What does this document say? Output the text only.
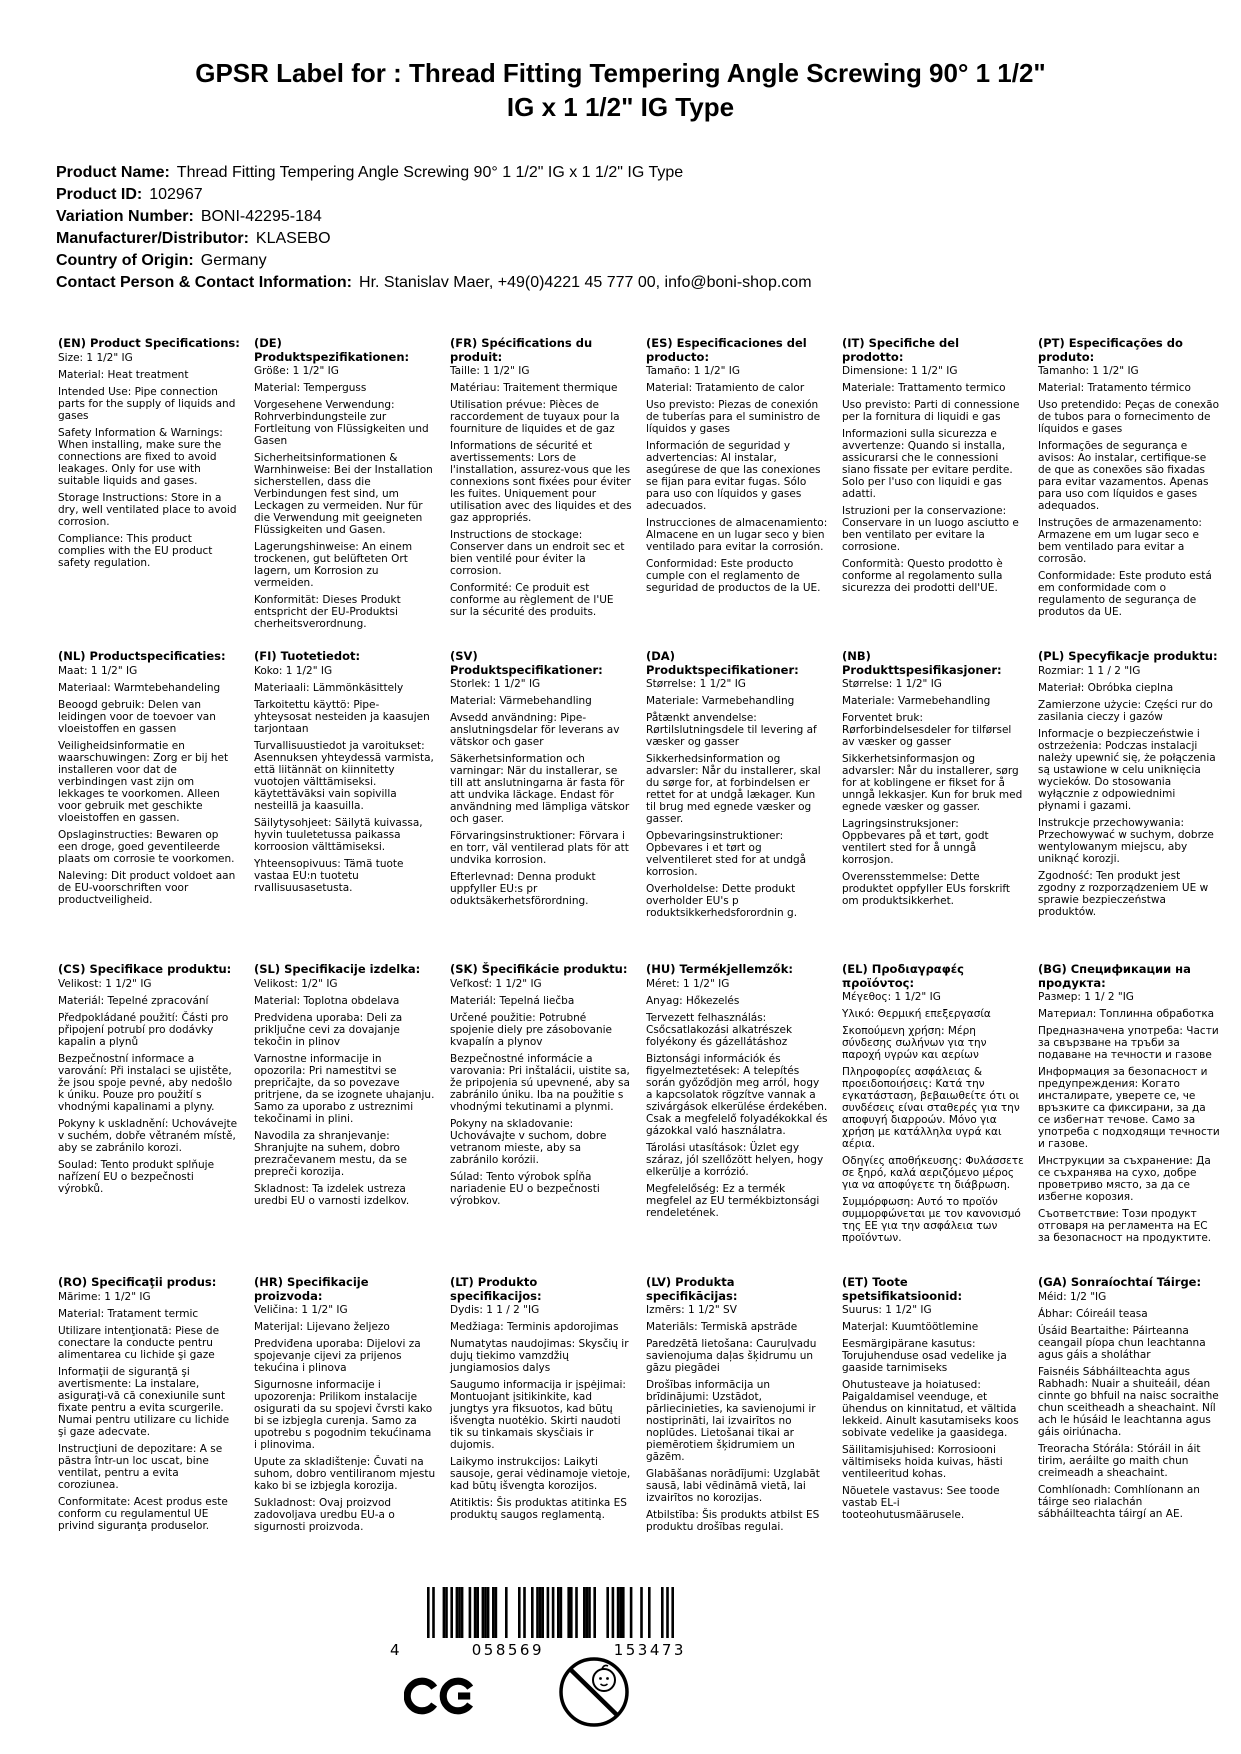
GPSR Label for : Thread Fitting Tempering Angle Screwing 90° 1 1/2"
IG x 1 1/2" IG Type
Product Name: Thread Fitting Tempering Angle Screwing 90° 1 1/2" IG x 1 1/2" IG Type
Product ID: 102967
Variation Number: BONI-42295-184
Manufacturer/Distributor: KLASEBO
Country of Origin: Germany
Contact Person & Contact Information: Hr. Stanislav Maer, +49(0)4221 45 777 00, info@boni-shop.com
(EN) Product Specifications:

Size: 1 1/2" IG

Material: Heat treatment

Intended Use: Pipe connection parts for the supply of liquids and gases

Safety Information & Warnings: When installing, make sure the connections are fixed to avoid leakages. Only for use with suitable liquids and gases.

Storage Instructions: Store in a dry, well ventilated place to avoid corrosion.

Compliance: This product complies with the EU product safety regulation.

(DE) Produktspezifikationen:

Größe: 1 1/2" IG

Material: Temperguss

Vorgesehene Verwendung: Rohrverbindungsteile zur Fortleitung von Flüssigkeiten und Gasen

Sicherheitsinformationen & Warnhinweise: Bei der Installation sicherstellen, dass die Verbindungen fest sind, um Leckagen zu vermeiden. Nur für die Verwendung mit geeigneten Flüssigkeiten und Gasen.

Lagerungshinweise: An einem trockenen, gut belüfteten Ort lagern, um Korrosion zu vermeiden.

Konformität: Dieses Produkt entspricht der EU-Produktsi cherheitsverordnung.

(FR) Spécifications du produit:

Taille: 1 1/2" IG

Matériau: Traitement thermique

Utilisation prévue: Pièces de raccordement de tuyaux pour la fourniture de liquides et de gaz

Informations de sécurité et avertissements: Lors de l'installation, assurez-vous que les connexions sont fixées pour éviter les fuites. Uniquement pour utilisation avec des liquides et des gaz appropriés.

Instructions de stockage: Conserver dans un endroit sec et bien ventilé pour éviter la corrosion.

Conformité: Ce produit est conforme au règlement de l'UE sur la sécurité des produits.

(ES) Especificaciones del producto:

Tamaño: 1 1/2" IG

Material: Tratamiento de calor

Uso previsto: Piezas de conexión de tuberías para el suministro de líquidos y gases

Información de seguridad y advertencias: Al instalar, asegúrese de que las conexiones se fijan para evitar fugas. Sólo para uso con líquidos y gases adecuados.

Instrucciones de almacenamiento: Almacene en un lugar seco y bien ventilado para evitar la corrosión.

Conformidad: Este producto cumple con el reglamento de seguridad de productos de la UE.

(IT) Specifiche del prodotto:

Dimensione: 1 1/2" IG

Materiale: Trattamento termico

Uso previsto: Parti di connessione per la fornitura di liquidi e gas

Informazioni sulla sicurezza e avvertenze: Quando si installa, assicurarsi che le connessioni siano fissate per evitare perdite. Solo per l'uso con liquidi e gas adatti.

Istruzioni per la conservazione: Conservare in un luogo asciutto e ben ventilato per evitare la corrosione.

Conformità: Questo prodotto è conforme al regolamento sulla sicurezza dei prodotti dell'UE.

(PT) Especificações do produto:

Tamanho: 1 1/2" IG

Material: Tratamento térmico

Uso pretendido: Peças de conexão de tubos para o fornecimento de líquidos e gases

Informações de segurança e avisos: Ao instalar, certifique-se de que as conexões são fixadas para evitar vazamentos. Apenas para uso com líquidos e gases adequados.

Instruções de armazenamento: Armazene em um lugar seco e bem ventilado para evitar a corrosão.

Conformidade: Este produto está em conformidade com o regulamento de segurança de produtos da UE.

(NL) Productspecificaties:

Maat: 1 1/2" IG

Materiaal: Warmtebehandeling

Beoogd gebruik: Delen van leidingen voor de toevoer van vloeistoffen en gassen

Veiligheidsinformatie en waarschuwingen: Zorg er bij het installeren voor dat de verbindingen vast zijn om lekkages te voorkomen. Alleen voor gebruik met geschikte vloeistoffen en gassen.

Opslaginstructies: Bewaren op een droge, goed geventileerde plaats om corrosie te voorkomen.

Naleving: Dit product voldoet aan de EU-voorschriften voor productveiligheid.

(FI) Tuotetiedot:

Koko: 1 1/2" IG

Materiaali: Lämmönkäsittely

Tarkoitettu käyttö: Pipe-yhteysosat nesteiden ja kaasujen tarjontaan

Turvallisuustiedot ja varoitukset: Asennuksen yhteydessä varmista, että liitännät on kiinnitetty vuotojen välttämiseksi. käytettäväksi vain sopivilla nesteillä ja kaasuilla.

Säilytysohjeet: Säilytä kuivassa, hyvin tuuletetussa paikassa korroosion välttämiseksi.

Yhteensopivuus: Tämä tuote vastaa EU:n tuotetu rvallisuusasetusta.

(SV) Produktspecifikationer:

Storlek: 1 1/2" IG

Material: Värmebehandling

Avsedd användning: Pipe-anslutningsdelar för leverans av vätskor och gaser

Säkerhetsinformation och varningar: När du installerar, se till att anslutningarna är fasta för att undvika läckage. Endast för användning med lämpliga vätskor och gaser.

Förvaringsinstruktioner: Förvara i en torr, väl ventilerad plats för att undvika korrosion.

Efterlevnad: Denna produkt uppfyller EU:s pr oduktsäkerhetsförordning.

(DA) Produktspecifikationer:

Størrelse: 1 1/2" IG

Materiale: Varmebehandling

Påtænkt anvendelse: Rørtilslutningsdele til levering af væsker og gasser

Sikkerhedsinformation og advarsler: Når du installerer, skal du sørge for, at forbindelsen er rettet for at undgå lækager. Kun til brug med egnede væsker og gasser.

Opbevaringsinstruktioner: Opbevares i et tørt og velventileret sted for at undgå korrosion.

Overholdelse: Dette produkt overholder EU's p roduktsikkerhedsforordnin g.

(NB) Produkttspesifikasjoner:

Størrelse: 1 1/2" IG

Materiale: Varmebehandling

Forventet bruk: Rørforbindelsesdeler for tilførsel av væsker og gasser

Sikkerhetsinformasjon og advarsler: Når du installerer, sørg for at koblingene er fikset for å unngå lekkasjer. Kun for bruk med egnede væsker og gasser.

Lagringsinstruksjoner: Oppbevares på et tørt, godt ventilert sted for å unngå korrosjon.

Overensstemmelse: Dette produktet oppfyller EUs forskrift om produktsikkerhet.

(PL) Specyfikacje produktu:

Rozmiar: 1 1 / 2 "IG

Materiał: Obróbka cieplna

Zamierzone użycie: Części rur do zasilania cieczy i gazów

Informacje o bezpieczeństwie i ostrzeżenia: Podczas instalacji należy upewnić się, że połączenia są ustawione w celu uniknięcia wycieków. Do stosowania wyłącznie z odpowiednimi płynami i gazami.

Instrukcje przechowywania: Przechowywać w suchym, dobrze wentylowanym miejscu, aby uniknąć korozji.

Zgodność: Ten produkt jest zgodny z rozporządzeniem UE w sprawie bezpieczeństwa produktów.

(CS) Specifikace produktu:

Velikost: 1 1/2" IG

Materiál: Tepelné zpracování

Předpokládané použití: Části pro připojení potrubí pro dodávky kapalin a plynů

Bezpečnostní informace a varování: Při instalaci se ujistěte, že jsou spoje pevné, aby nedošlo k úniku. Pouze pro použití s vhodnými kapalinami a plyny.

Pokyny k uskladnění: Uchovávejte v suchém, dobře větraném místě, aby se zabránilo korozi.

Soulad: Tento produkt splňuje nařízení EU o bezpečnosti výrobků.

(SL) Specifikacije izdelka:

Velikost: 1/2" IG

Material: Toplotna obdelava

Predvidena uporaba: Deli za priključne cevi za dovajanje tekočin in plinov

Varnostne informacije in opozorila: Pri namestitvi se prepričajte, da so povezave pritrjene, da se izognete uhajanju. Samo za uporabo z ustreznimi tekočinami in plini.

Navodila za shranjevanje: Shranjujte na suhem, dobro prezračevanem mestu, da se prepreči korozija.

Skladnost: Ta izdelek ustreza uredbi EU o varnosti izdelkov.

(SK) Špecifikácie produktu:

Veľkosť: 1 1/2" IG

Materiál: Tepelná liečba

Určené použitie: Potrubné spojenie diely pre zásobovanie kvapalín a plynov

Bezpečnostné informácie a varovania: Pri inštalácii, uistite sa, že pripojenia sú upevnené, aby sa zabránilo úniku. Iba na použitie s vhodnými tekutinami a plynmi.

Pokyny na skladovanie: Uchovávajte v suchom, dobre vetranom mieste, aby sa zabránilo korózii.

Súlad: Tento výrobok spĺňa nariadenie EU o bezpečnosti výrobkov.

(HU) Termékjellemzők:

Méret: 1 1/2" IG

Anyag: Hőkezelés

Tervezett felhasználás: Csőcsatlakozási alkatrészek folyékony és gázellátáshoz

Biztonsági információk és figyelmeztetések: A telepítés során győződjön meg arról, hogy a kapcsolatok rögzítve vannak a szivárgások elkerülése érdekében. Csak a megfelelő folyadékokkal és gázokkal való használatra.

Tárolási utasítások: Üzlet egy száraz, jól szellőzött helyen, hogy elkerülje a korrózió.

Megfelelőség: Ez a termék megfelel az EU termékbiztonsági rendeletének.

(EL) Προδιαγραφές προϊόντος:

Μέγεθος: 1 1/2" IG

Υλικό: Θερμική επεξεργασία

Σκοπούμενη χρήση: Μέρη σύνδεσης σωλήνων για την παροχή υγρών και αερίων

Πληροφορίες ασφάλειας & προειδοποιήσεις: Κατά την εγκατάσταση, βεβαιωθείτε ότι οι συνδέσεις είναι σταθερές για την αποφυγή διαρροών. Μόνο για χρήση με κατάλληλα υγρά και αέρια.

Οδηγίες αποθήκευσης: Φυλάσσετε σε ξηρό, καλά αεριζόμενο μέρος για να αποφύγετε τη διάβρωση.

Συμμόρφωση: Αυτό το προϊόν συμμορφώνεται με τον κανονισμό της ΕΕ για την ασφάλεια των προϊόντων.

(BG) Спецификации на продукта:

Размер: 1 1/ 2 "IG

Материал: Топлинна обработка

Предназначена употреба: Части за свързване на тръби за подаване на течности и газове

Информация за безопасност и предупреждения: Когато инсталирате, уверете се, че връзките са фиксирани, за да се избегнат течове. Само за употреба с подходящи течности и газове.

Инструкции за съхранение: Да се съхранява на сухо, добре проветриво място, за да се избегне корозия.

Съответствие: Този продукт отговаря на регламента на ЕС за безопасност на продуктите.

(RO) Specificaţii produs:

Mărime: 1 1/2" IG

Material: Tratament termic

Utilizare intenţionată: Piese de conectare la conducte pentru alimentarea cu lichide şi gaze

Informaţii de siguranţă şi avertismente: La instalare, asiguraţi-vă că conexiunile sunt fixate pentru a evita scurgerile. Numai pentru utilizare cu lichide şi gaze adecvate.

Instrucţiuni de depozitare: A se păstra într-un loc uscat, bine ventilat, pentru a evita coroziunea.

Conformitate: Acest produs este conform cu regulamentul UE privind siguranţa produselor.

(HR) Specifikacije proizvoda:

Veličina: 1 1/2" IG

Materijal: Lijevano željezo

Predviđena uporaba: Dijelovi za spojevanje cijevi za prijenos tekućina i plinova

Sigurnosne informacije i upozorenja: Prilikom instalacije osigurati da su spojevi čvrsti kako bi se izbjegla curenja. Samo za upotrebu s pogodnim tekućinama i plinovima.

Upute za skladištenje: Čuvati na suhom, dobro ventiliranom mjestu kako bi se izbjegla korozija.

Sukladnost: Ovaj proizvod zadovoljava uredbu EU-a o sigurnosti proizvoda.

(LT) Produkto specifikacijos:

Dydis: 1 1 / 2 "IG

Medžiaga: Terminis apdorojimas

Numatytas naudojimas: Skysčių ir dujų tiekimo vamzdžių jungiamosios dalys

Saugumo informacija ir įspėjimai: Montuojant įsitikinkite, kad jungtys yra fiksuotos, kad būtų išvengta nuotėkio. Skirti naudoti tik su tinkamais skysčiais ir dujomis.

Laikymo instrukcijos: Laikyti sausoje, gerai vėdinamoje vietoje, kad būtų išvengta korozijos.

Atitiktis: Šis produktas atitinka ES produktų saugos reglamentą.

(LV) Produkta specifikācijas:

Izmērs: 1 1/2" SV

Materiāls: Termiskā apstrāde

Paredzētā lietošana: Cauruļvadu savienojuma daļas šķidrumu un gāzu piegādei

Drošības informācija un brīdinājumi: Uzstādot, pārliecinieties, ka savienojumi ir nostiprināti, lai izvairītos no noplūdes. Lietošanai tikai ar piemērotiem šķidrumiem un gāzēm.

Glabāšanas norādījumi: Uzglabāt sausā, labi vēdināmā vietā, lai izvairītos no korozijas.

Atbilstība: Šis produkts atbilst ES produktu drošības regulai.

(ET) Toote spetsifikatsioonid:

Suurus: 1 1/2" IG

Materjal: Kuumtöötlemine

Eesmärgipärane kasutus: Torujuhenduse osad vedelike ja gaaside tarnimiseks

Ohutusteave ja hoiatused: Paigaldamisel veenduge, et ühendus on kinnitatud, et vältida lekkeid. Ainult kasutamiseks koos sobivate vedelike ja gaasidega.

Säilitamisjuhised: Korrosiooni vältimiseks hoida kuivas, hästi ventileeritud kohas.

Nõuetele vastavus: See toode vastab EL-i tooteohutusmääruselе.

(GA) Sonraíochtaí Táirge:

Méid: 1/2 "IG

Ábhar: Cóireáil teasa

Úsáid Beartaithe: Páirteanna ceangail píopa chun leachtanna agus gáis a sholáthar

Faisnéis Sábháilteachta agus Rabhadh: Nuair a shuiteáil, déan cinnte go bhfuil na naisc socraithe chun sceitheadh a sheachaint. Níl ach le húsáid le leachtanna agus gáis oiriúnacha.

Treoracha Stórála: Stóráil in áit tirim, aeráilte go maith chun creimeadh a sheachaint.

Comhlíonadh: Comhlíonann an táirge seo rialachán sábháilteachta táirgí an AE.

4	058569	153473
